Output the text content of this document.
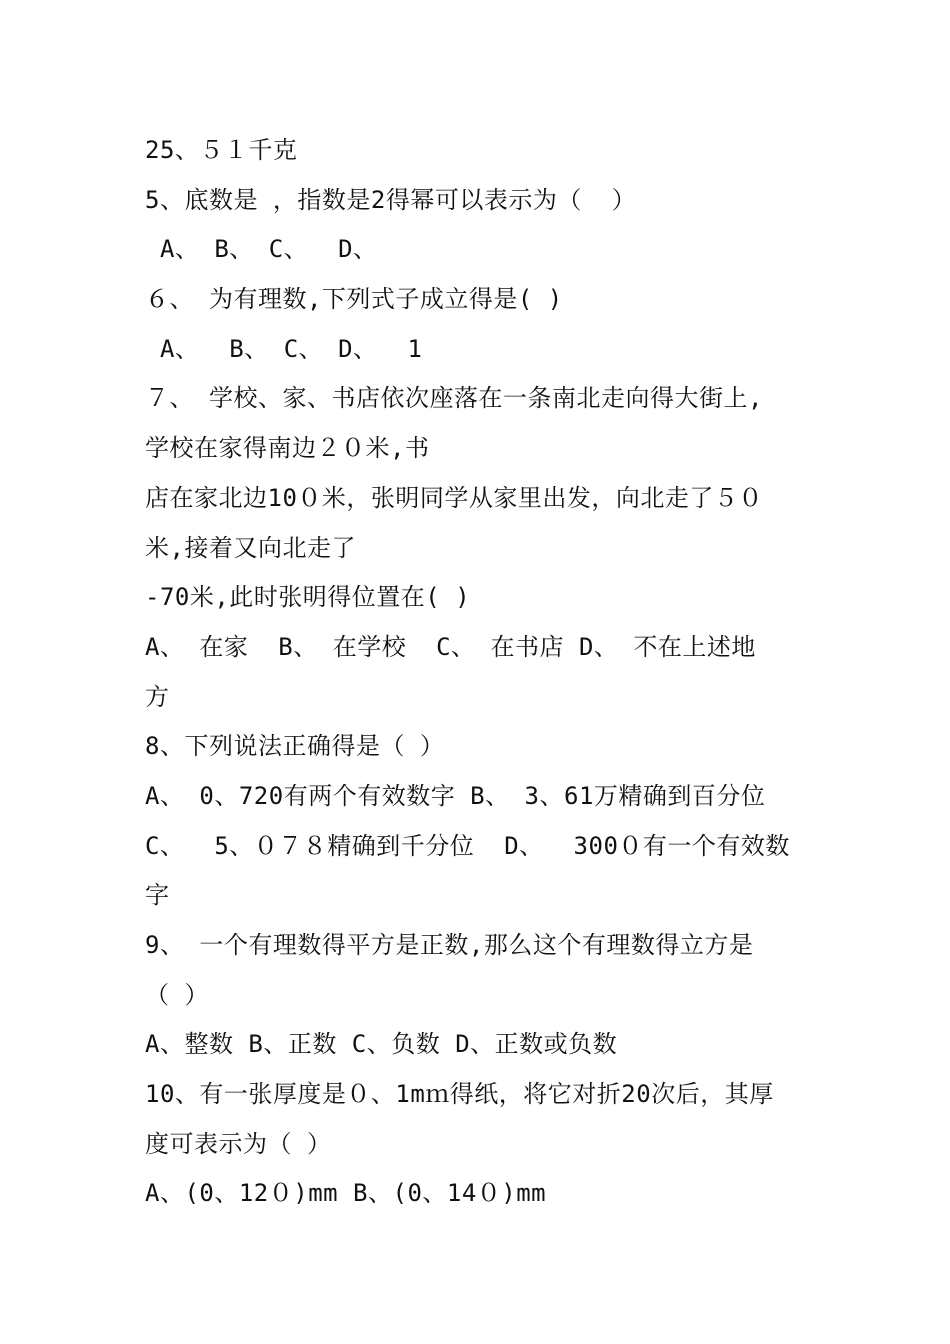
25、５１千克
5、底数是 ，指数是2得幂可以表示为（  ）
A、 B、 C、  D、
６、 为有理数,下列式子成立得是( )
A、  B、 C、 D、  1
７、 学校、家、书店依次座落在一条南北走向得大街上,
学校在家得南边２０米,书
店在家北边10０米，张明同学从家里出发，向北走了５０
米,接着又向北走了
-70米,此时张明得位置在( )
A、 在家  B、 在学校  C、 在书店 D、 不在上述地
方
8、下列说法正确得是（ ）
A、 0、720有两个有效数字 B、 3、61万精确到百分位
C、  5、０７８精确到千分位  D、  300０有一个有效数
字
9、 一个有理数得平方是正数,那么这个有理数得立方是
（ ）
A、整数 B、正数 C、负数 D、正数或负数
10、有一张厚度是０、1mｍ得纸，将它对折20次后，其厚
度可表示为（ ）
A、(0、12０)mm B、(0、14０)mm
